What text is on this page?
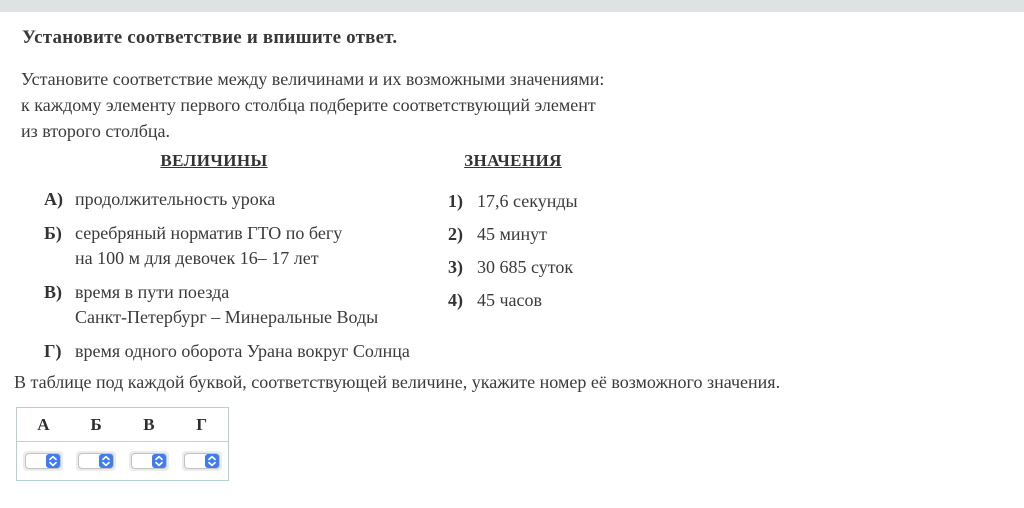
Установите соответствие и впишите ответ.
Установите соответствие между величинами и их возможными значениями:
к каждому элементу первого столбца подберите соответствующий элемент
из второго столбца.
ВЕЛИЧИНЫ	ЗНАЧЕНИЯ
А) продолжительность урока
Б) серебряный норматив ГТО по бегу
на 100 м для девочек 16– 17 лет
В) время в пути поезда
Санкт-Петербург – Минеральные Воды
Г) время одного оборота Урана вокруг Солнца
1) 17,6 секунды
2) 45 минут
3) 30 685 суток
4) 45 часов
В таблице под каждой буквой, соответствующей величине, укажите номер её возможного значения.
А	Б	В	Г
